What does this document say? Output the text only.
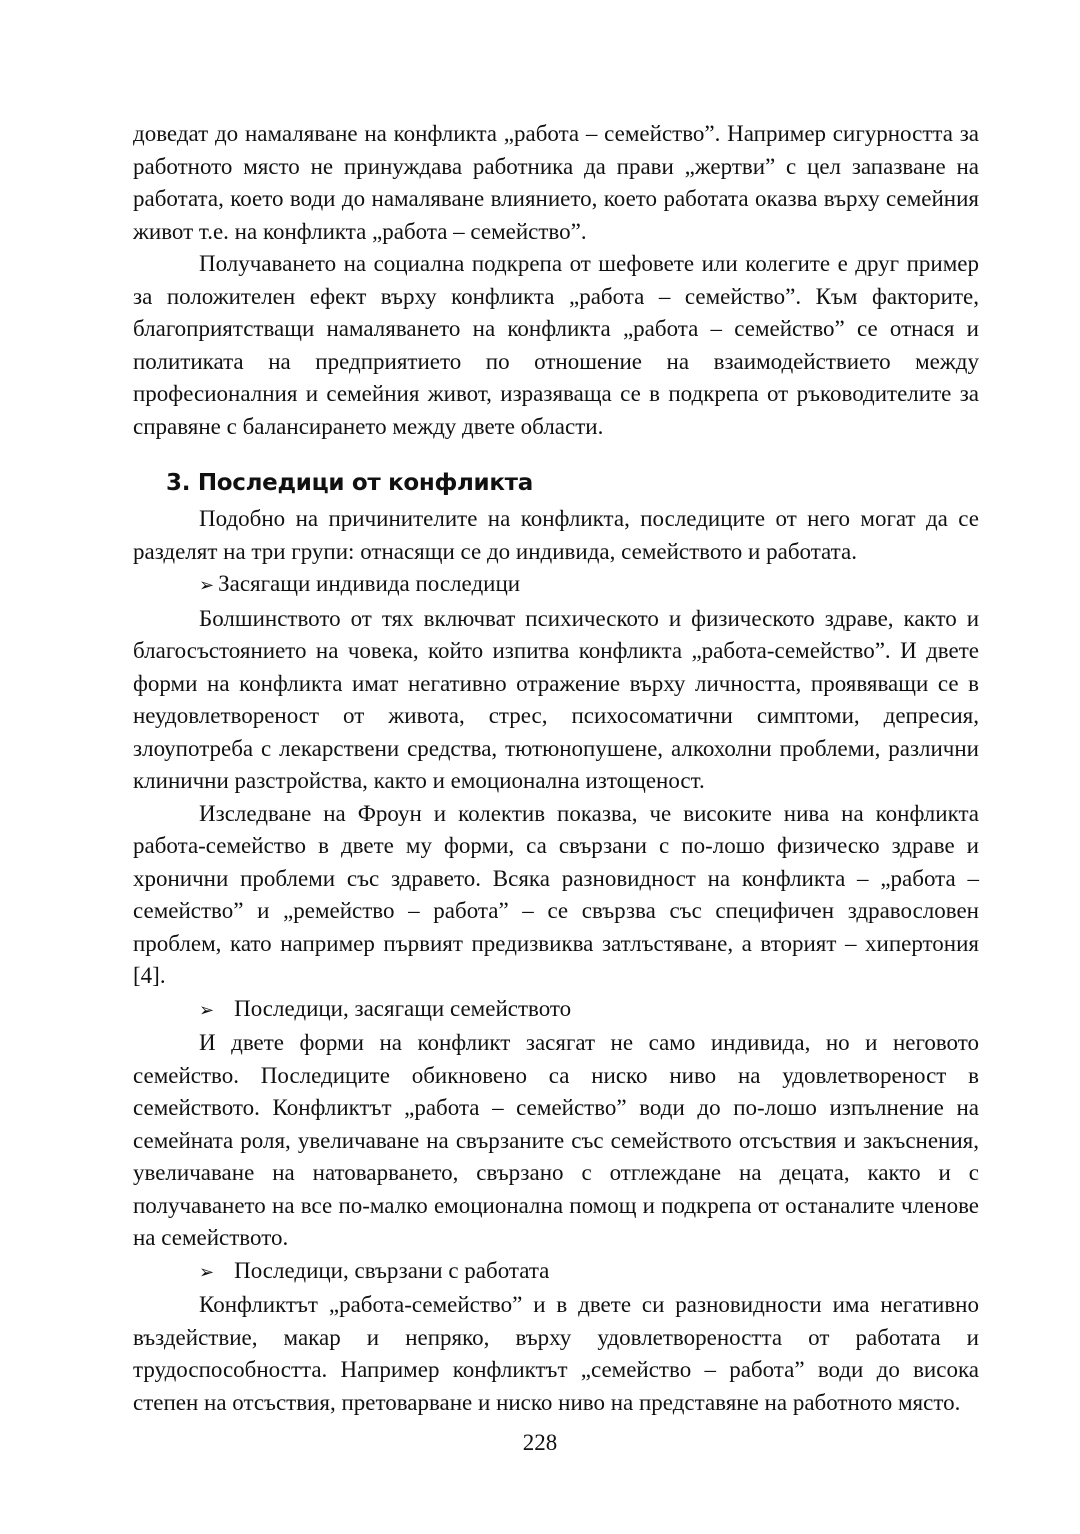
доведат до намаляване на конфликта „работа – семейство”. Например сигурността за работното място не принуждава работника да прави „жертви” с цел запазване на работата, което води до намаляване влиянието, което работата оказва върху семейния живот т.е. на конфликта „работа – семейство”.

Получаването на социална подкрепа от шефовете или колегите е друг пример за положителен ефект върху конфликта „работа – семейство”. Към факторите, благоприятстващи намаляването на конфликта „работа – семейство” се отнася и политиката на предприятието по отношение на взаимодействието между професионалния и семейния живот, изразяваща се в подкрепа от ръководителите за справяне с балансирането между двете области.

3. Последици от конфликта

Подобно на причинителите на конфликта, последиците от него могат да се разделят на три групи: отнасящи се до индивида, семейството и работата.

➢ Засягащи индивида последици

Болшинството от тях включват психическото и физическото здраве, както и благосъстоянието на човека, който изпитва конфликта „работа-семейство”. И двете форми на конфликта имат негативно отражение върху личността, проявяващи се в неудовлетвореност от живота, стрес, психосоматични симптоми, депресия, злоупотреба с лекарствени средства, тютюнопушене, алкохолни проблеми, различни клинични разстройства, както и емоционална изтощеност.

Изследване на Фроун и колектив показва, че високите нива на конфликта работа-семейство в двете му форми, са свързани с по-лошо физическо здраве и хронични проблеми със здравето. Всяка разновидност на конфликта – „работа – семейство” и „ремейство – работа” – се свързва със специфичен здравословен проблем, като например първият предизвиква затлъстяване, а вторият – хипертония [4].

➢ Последици, засягащи семейството

И двете форми на конфликт засягат не само индивида, но и неговото семейство. Последиците обикновено са ниско ниво на удовлетвореност в семейството. Конфликтът „работа – семейство” води до по-лошо изпълнение на семейната роля, увеличаване на свързаните със семейството отсъствия и закъснения, увеличаване на натоварването, свързано с отглеждане на децата, както и с получаването на все по-малко емоционална помощ и подкрепа от останалите членове на семейството.

➢ Последици, свързани с работата

Конфликтът „работа-семейство” и в двете си разновидности има негативно въздействие, макар и непряко, върху удовлетвореността от работата и трудоспособността. Например конфликтът „семейство – работа” води до висока степен на отсъствия, претоварване и ниско ниво на представяне на работното място.

228
